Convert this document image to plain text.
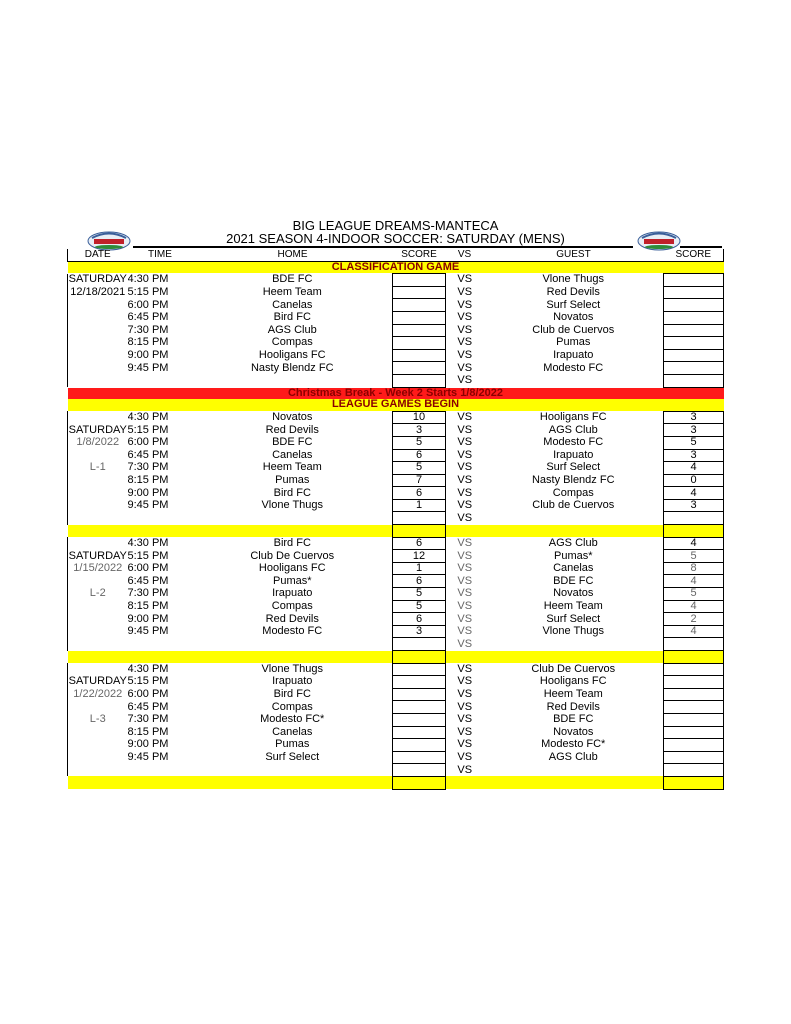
BIG LEAGUE DREAMS-MANTECA
2021 SEASON 4-INDOOR SOCCER: SATURDAY (MENS)
DATE	TIME	HOME	SCORE	VS	GUEST	SCORE
CLASSIFICATION GAME						
SATURDAY	4:30 PM	BDE FC		VS	Vlone Thugs	
12/18/2021	5:15 PM	Heem Team		VS	Red Devils	
	6:00 PM	Canelas		VS	Surf Select	
	6:45 PM	Bird FC		VS	Novatos	
	7:30 PM	AGS Club		VS	Club de Cuervos	
	8:15 PM	Compas		VS	Pumas	
	9:00 PM	Hooligans FC		VS	Irapuato	
	9:45 PM	Nasty Blendz FC		VS	Modesto FC	
				VS		
Christmas Break - Week 2 Starts 1/8/2022						
LEAGUE GAMES BEGIN						
	4:30 PM	Novatos	10	VS	Hooligans FC	3
SATURDAY	5:15 PM	Red Devils	3	VS	AGS Club	3
1/8/2022	6:00 PM	BDE FC	5	VS	Modesto FC	5
	6:45 PM	Canelas	6	VS	Irapuato	3
L-1	7:30 PM	Heem Team	5	VS	Surf Select	4
	8:15 PM	Pumas	7	VS	Nasty Blendz FC	0
	9:00 PM	Bird FC	6	VS	Compas	4
	9:45 PM	Vlone Thugs	1	VS	Club de Cuervos	3
				VS		

	4:30 PM	Bird FC	6	VS	AGS Club	4
SATURDAY	5:15 PM	Club De Cuervos	12	VS	Pumas*	5
1/15/2022	6:00 PM	Hooligans FC	1	VS	Canelas	8
	6:45 PM	Pumas*	6	VS	BDE FC	4
L-2	7:30 PM	Irapuato	5	VS	Novatos	5
	8:15 PM	Compas	5	VS	Heem Team	4
	9:00 PM	Red Devils	6	VS	Surf Select	2
	9:45 PM	Modesto FC	3	VS	Vlone Thugs	4
				VS		

	4:30 PM	Vlone Thugs		VS	Club De Cuervos	
SATURDAY	5:15 PM	Irapuato		VS	Hooligans FC	
1/22/2022	6:00 PM	Bird FC		VS	Heem Team	
	6:45 PM	Compas		VS	Red Devils	
L-3	7:30 PM	Modesto FC*		VS	BDE FC	
	8:15 PM	Canelas		VS	Novatos	
	9:00 PM	Pumas		VS	Modesto FC*	
	9:45 PM	Surf Select		VS	AGS Club	
				VS		
